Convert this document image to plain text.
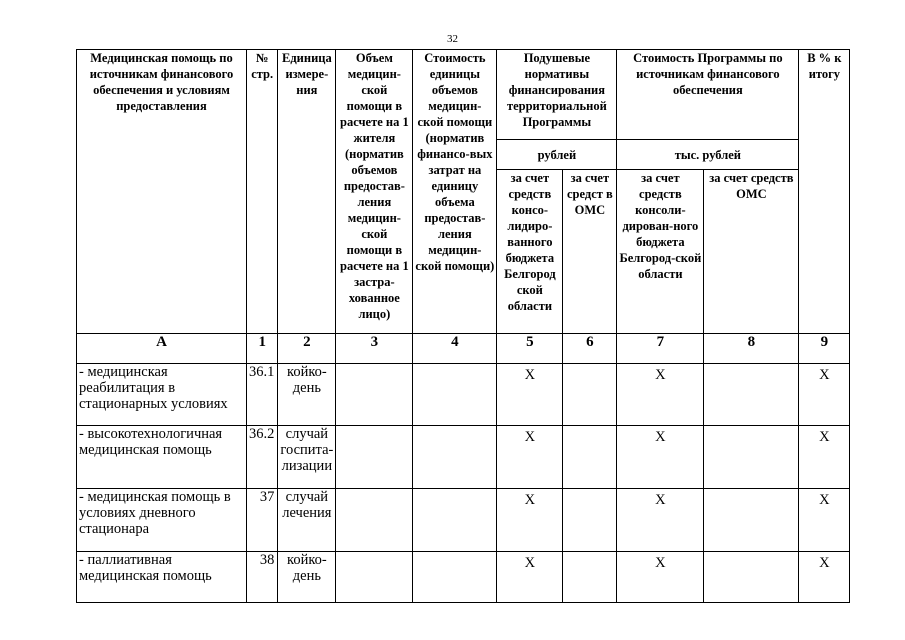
32
Медицинская помощь по источникам финансового обеспечения и условиям предоставления	№ стр.	Единица измере-ния	Объем медицин-ской помощи в расчете на 1 жителя (норматив объемов предостав-ления медицин-ской помощи в расчете на 1 застра-хованное лицо)	Стоимость единицы объемов медицин-ской помощи (норматив финансо-вых затрат на единицу объема предостав-ления медицин-ской помощи)	Подушевые нормативы финансирования территориальной Программы		Стоимость Программы по источникам финансового обеспечения		В % к итогу
					рублей		тыс. рублей		
					за счет средств консо-лидиро-ванного бюджета Белгород ской области	за счет средст в ОМС	за счет средств консоли-дирован-ного бюджета Белгород-ской области	за счет средств ОМС	
А	1	2	3	4	5	6	7	8	9
- медицинская реабилитация в стационарных условиях	36.1	койко-день			X		X		X
- высокотехнологичная медицинская помощь	36.2	случай госпита-лизации			X		X		X
- медицинская помощь в условиях дневного стационара	37	случай лечения			X		X		X
- паллиативная медицинская помощь	38	койко-день			X		X		X
